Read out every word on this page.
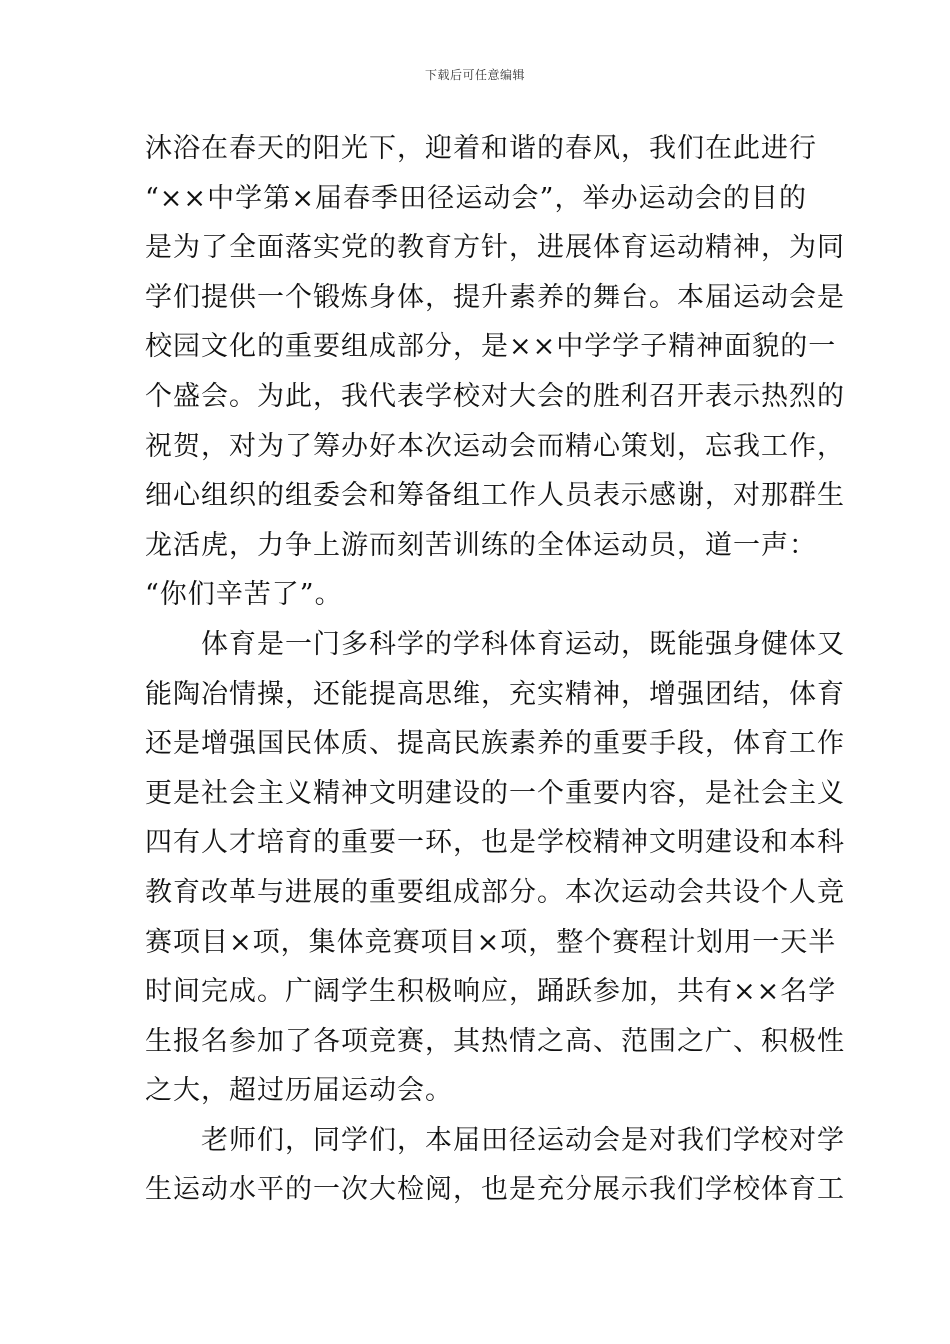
下载后可任意编辑
沐浴在春天的阳光下，迎着和谐的春风，我们在此进行
“××中学第×届春季田径运动会”，举办运动会的目的
是为了全面落实党的教育方针，进展体育运动精神，为同
学们提供一个锻炼身体，提升素养的舞台。本届运动会是
校园文化的重要组成部分，是××中学学子精神面貌的一
个盛会。为此，我代表学校对大会的胜利召开表示热烈的
祝贺，对为了筹办好本次运动会而精心策划，忘我工作，
细心组织的组委会和筹备组工作人员表示感谢，对那群生
龙活虎，力争上游而刻苦训练的全体运动员，道一声：
“你们辛苦了”。
体育是一门多科学的学科体育运动，既能强身健体又
能陶冶情操，还能提高思维，充实精神，增强团结，体育
还是增强国民体质、提高民族素养的重要手段，体育工作
更是社会主义精神文明建设的一个重要内容，是社会主义
四有人才培育的重要一环，也是学校精神文明建设和本科
教育改革与进展的重要组成部分。本次运动会共设个人竞
赛项目×项，集体竞赛项目×项，整个赛程计划用一天半
时间完成。广阔学生积极响应，踊跃参加，共有××名学
生报名参加了各项竞赛，其热情之高、范围之广、积极性
之大，超过历届运动会。
老师们，同学们，本届田径运动会是对我们学校对学
生运动水平的一次大检阅，也是充分展示我们学校体育工
